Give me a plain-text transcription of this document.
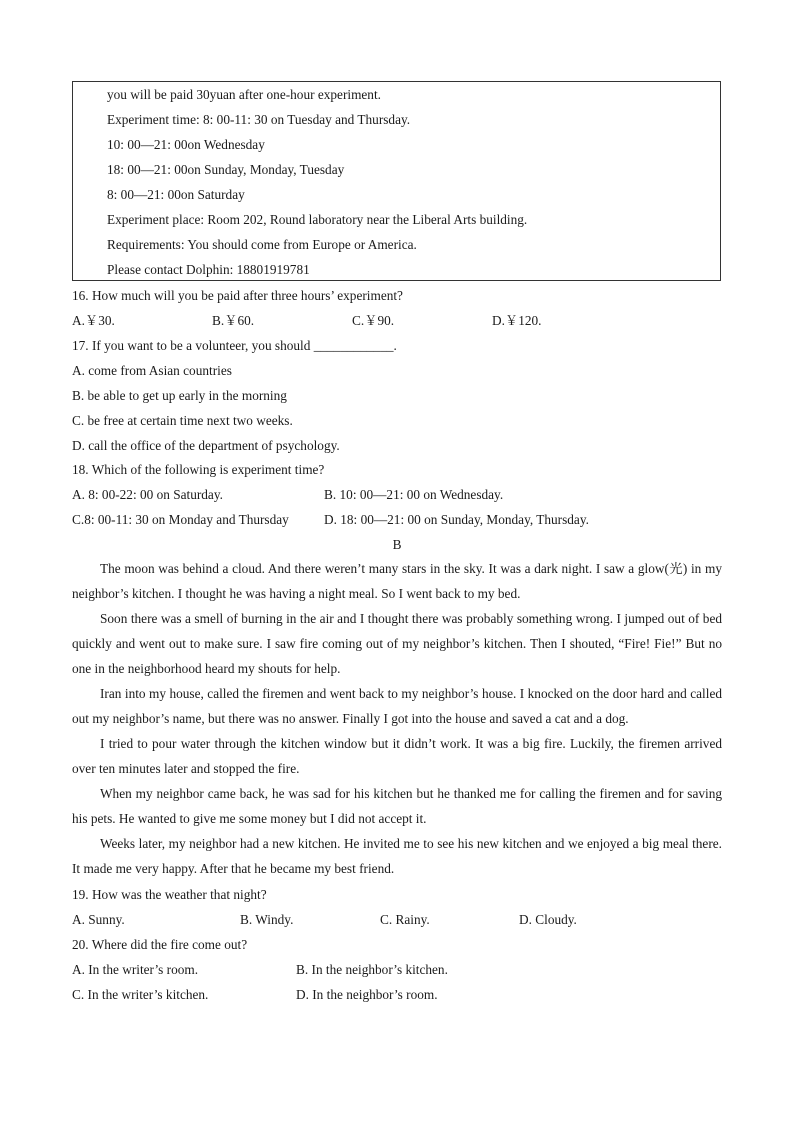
you will be paid 30yuan after one-hour experiment.
Experiment time: 8: 00-11: 30 on Tuesday and Thursday.
10: 00—21: 00on Wednesday
18: 00—21: 00on Sunday, Monday, Tuesday
8: 00—21: 00on Saturday
Experiment place: Room 202, Round laboratory near the Liberal Arts building.
Requirements: You should come from Europe or America.
Please contact Dolphin: 18801919781
16. How much will you be paid after three hours’ experiment?
A.￥30.	B.￥60.	C.￥90.	D.￥120.
17. If you want to be a volunteer, you should ____________.
A. come from Asian countries
B. be able to get up early in the morning
C. be free at certain time next two weeks.
D. call the office of the department of psychology.
18. Which of the following is experiment time?
A. 8: 00-22: 00 on Saturday.	B. 10: 00—21: 00 on Wednesday.
C.8: 00-11: 30 on Monday and Thursday	D. 18: 00—21: 00 on Sunday, Monday, Thursday.
B
The moon was behind a cloud. And there weren’t many stars in the sky. It was a dark night. I saw a glow(光) in my neighbor’s kitchen. I thought he was having a night meal. So I went back to my bed.
Soon there was a smell of burning in the air and I thought there was probably something wrong. I jumped out of bed quickly and went out to make sure. I saw fire coming out of my neighbor’s kitchen. Then I shouted, “Fire! Fie!” But no one in the neighborhood heard my shouts for help.
Iran into my house, called the firemen and went back to my neighbor’s house. I knocked on the door hard and called out my neighbor’s name, but there was no answer. Finally I got into the house and saved a cat and a dog.
I tried to pour water through the kitchen window but it didn’t work. It was a big fire. Luckily, the firemen arrived over ten minutes later and stopped the fire.
When my neighbor came back, he was sad for his kitchen but he thanked me for calling the firemen and for saving his pets. He wanted to give me some money but I did not accept it.
Weeks later, my neighbor had a new kitchen. He invited me to see his new kitchen and we enjoyed a big meal there. It made me very happy. After that he became my best friend.
19. How was the weather that night?
A. Sunny.	B. Windy.	C. Rainy.	D. Cloudy.
20. Where did the fire come out?
A. In the writer’s room.	B. In the neighbor’s kitchen.
C. In the writer’s kitchen.	D. In the neighbor’s room.
